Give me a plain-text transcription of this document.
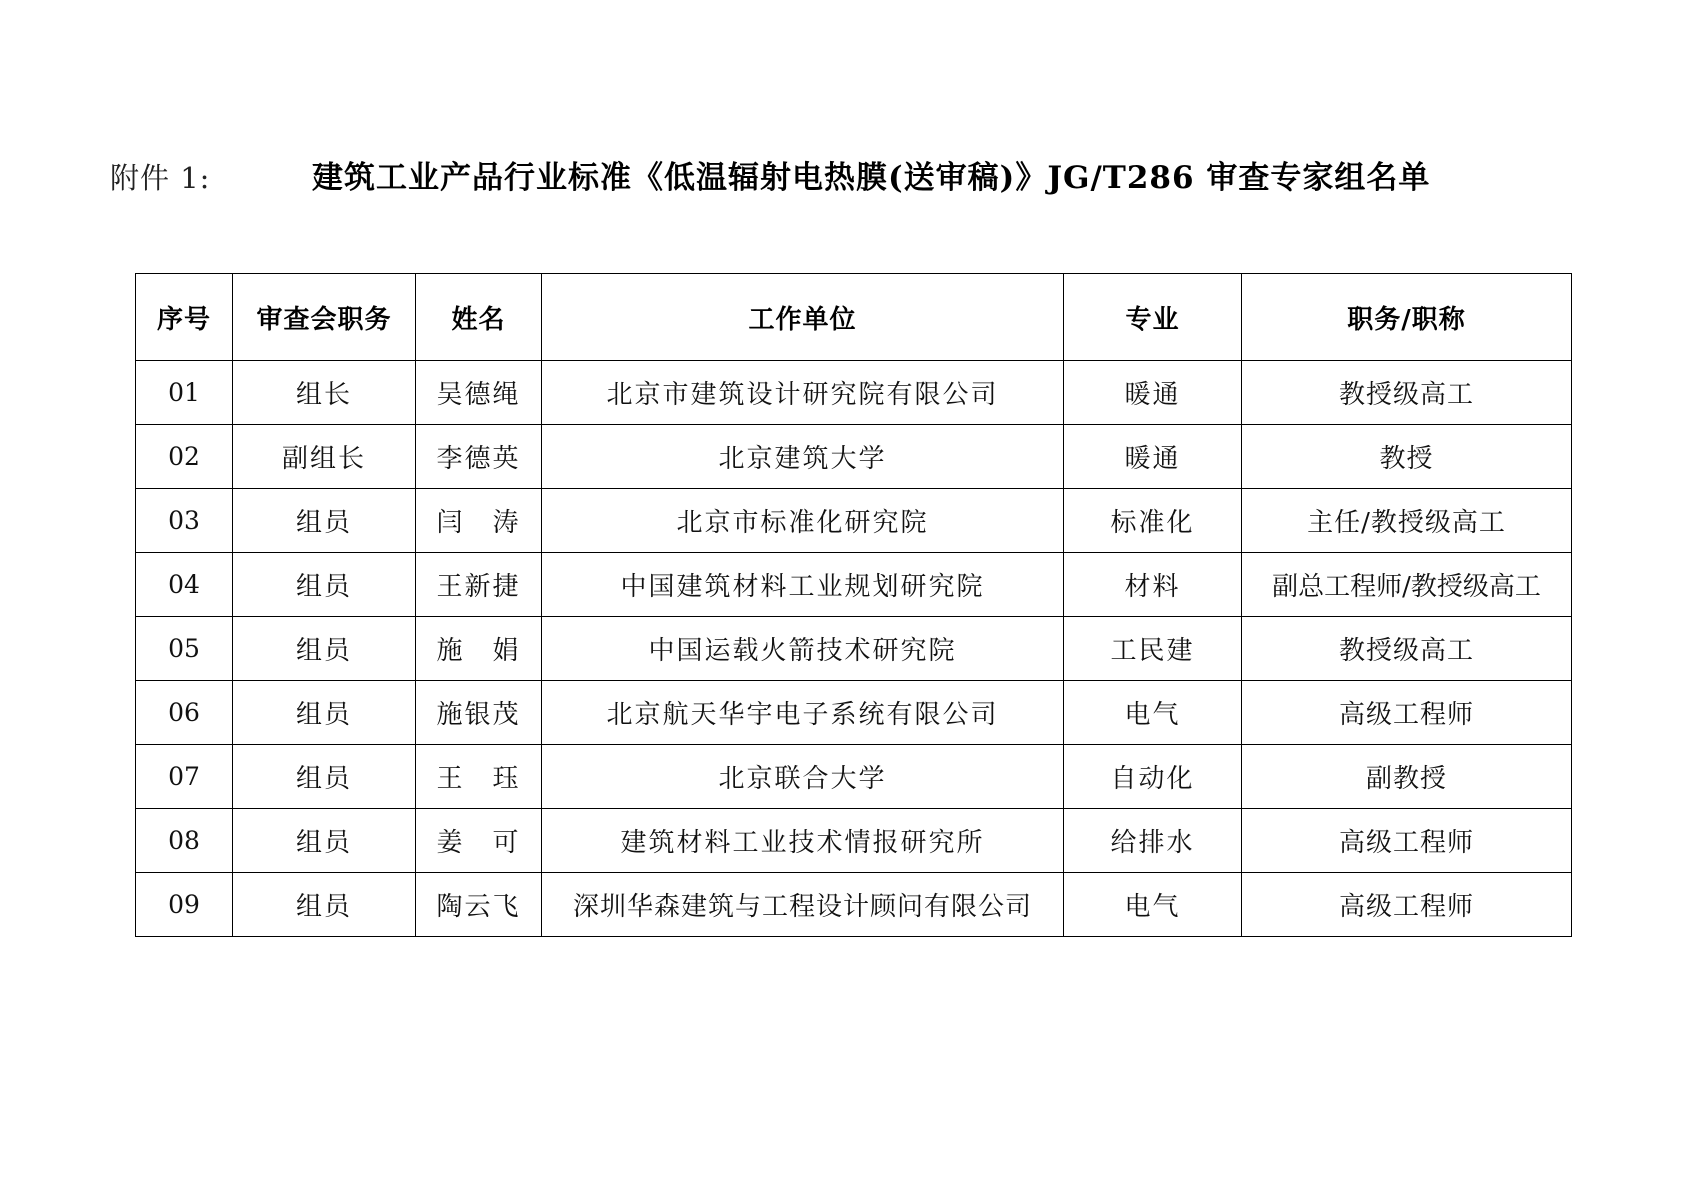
附件 1:	建筑工业产品行业标准《低温辐射电热膜(送审稿)》JG/T286 审查专家组名单
序号	审查会职务	姓名	工作单位	专业	职务/职称
01	组长	吴德绳	北京市建筑设计研究院有限公司	暖通	教授级高工
02	副组长	李德英	北京建筑大学	暖通	教授
03	组员	闫　涛	北京市标准化研究院	标准化	主任/教授级高工
04	组员	王新捷	中国建筑材料工业规划研究院	材料	副总工程师/教授级高工
05	组员	施　娟	中国运载火箭技术研究院	工民建	教授级高工
06	组员	施银茂	北京航天华宇电子系统有限公司	电气	高级工程师
07	组员	王　珏	北京联合大学	自动化	副教授
08	组员	姜　可	建筑材料工业技术情报研究所	给排水	高级工程师
09	组员	陶云飞	深圳华森建筑与工程设计顾问有限公司	电气	高级工程师
